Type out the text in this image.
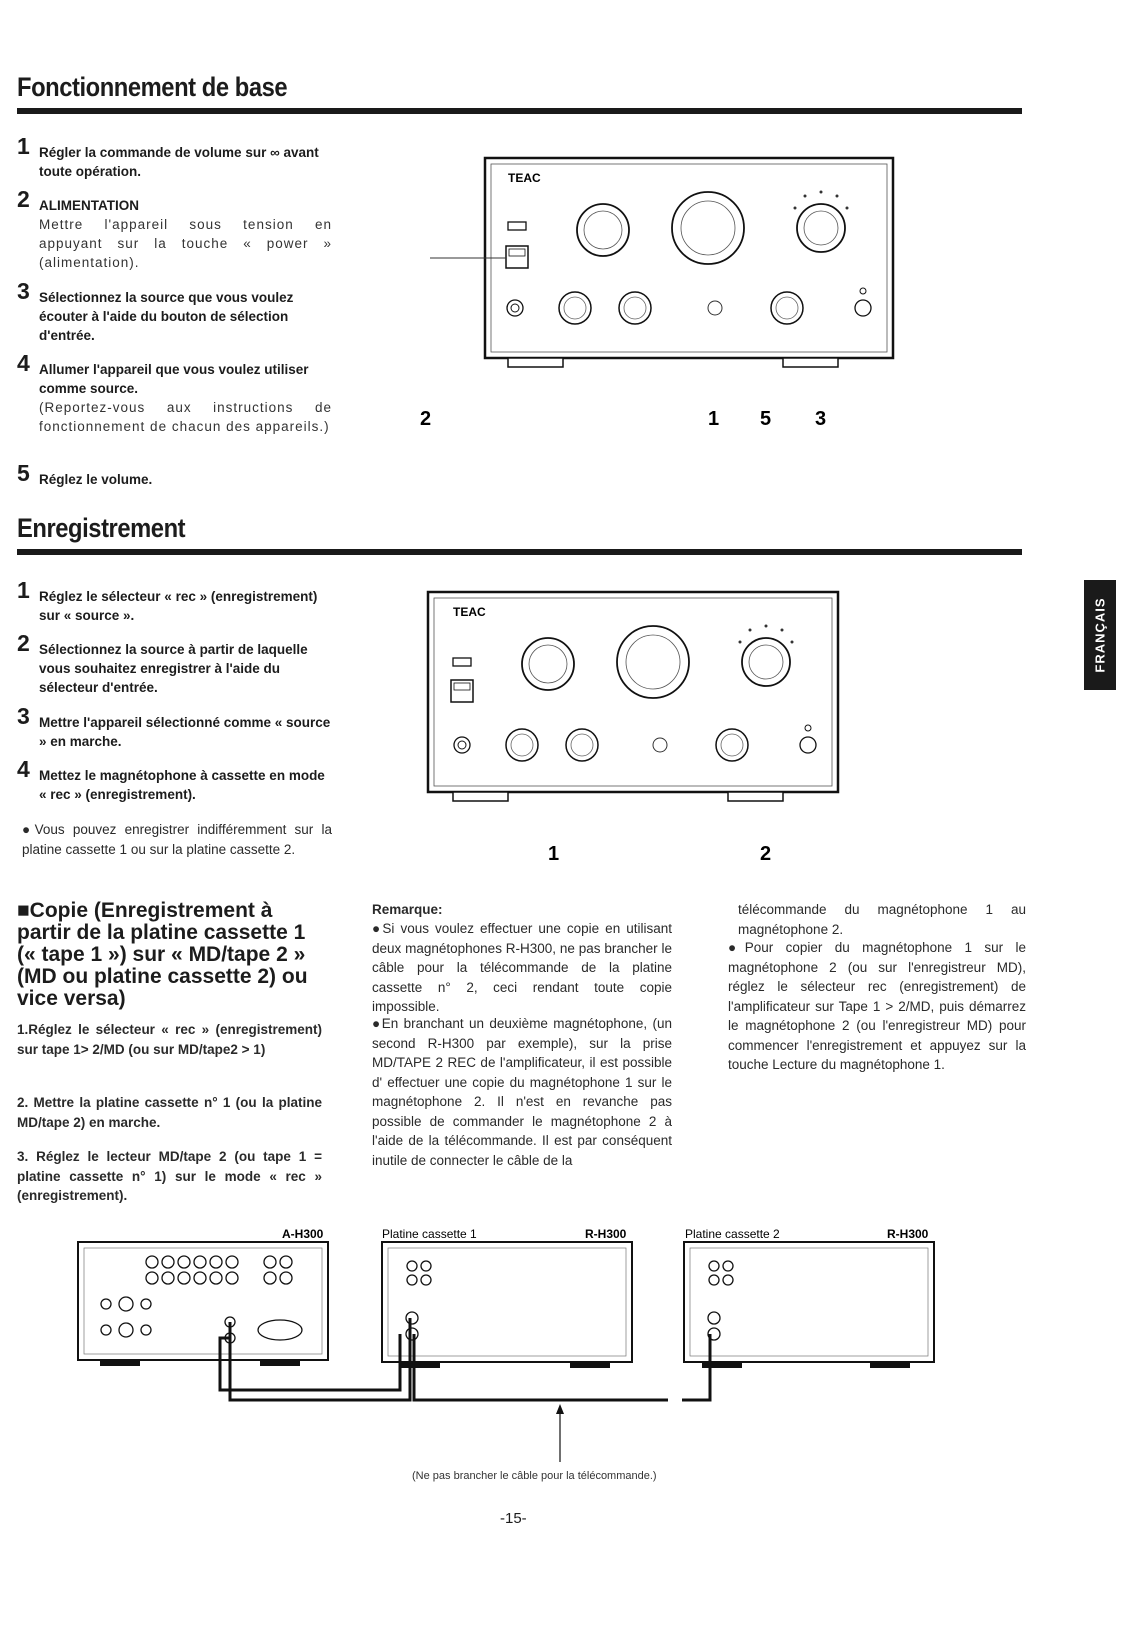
Fonctionnement de base
1 Régler la commande de volume sur ∞ avant toute opération.
2 ALIMENTATION
Mettre l'appareil sous tension en appuyant sur la touche « power » (alimentation).
3 Sélectionnez la source que vous voulez écouter à l'aide du bouton de sélection d'entrée.
4 Allumer l'appareil que vous voulez utiliser comme source.
(Reportez-vous aux instructions de fonctionnement de chacun des appareils.)
5 Réglez le volume.
TEAC
2	1 5 3
Enregistrement
1 Réglez le sélecteur « rec » (enregistrement) sur « source ».
2 Sélectionnez la source à partir de laquelle vous souhaitez enregistrer à l'aide du sélecteur d'entrée.
3 Mettre l'appareil sélectionné comme « source » en marche.
4 Mettez le magnétophone à cassette en mode « rec » (enregistrement).
●Vous pouvez enregistrer indifféremment sur la platine cassette 1 ou sur la platine cassette 2.
TEAC
1	2
FRANÇAIS
■Copie (Enregistrement à partir de la platine cassette 1 (« tape 1 ») sur « MD/tape 2 » (MD ou platine cassette 2) ou vice versa)
1.Réglez le sélecteur « rec » (enregistrement) sur tape 1> 2/MD (ou sur MD/tape2 > 1)
2. Mettre la platine cassette n° 1 (ou la platine MD/tape 2) en marche.
3. Réglez le lecteur MD/tape 2 (ou tape 1 = platine cassette n° 1) sur le mode « rec » (enregistrement).
Remarque:
●Si vous voulez effectuer une copie en utilisant deux magnétophones R-H300, ne pas brancher le câble pour la télécommande de la platine cassette n° 2, ceci rendant toute copie impossible.
●En branchant un deuxième magnétophone, (un second R-H300 par exemple), sur la prise MD/TAPE 2 REC de l'amplificateur, il est possible d' effectuer une copie du magnétophone 1 sur le magnétophone 2. Il n'est en revanche pas possible de commander le magnétophone 2 à l'aide de la télécommande. Il est par conséquent inutile de connecter le câble de la
télécommande du magnétophone 1 au magnétophone 2.
●Pour copier du magnétophone 1 sur le magnétophone 2 (ou sur l'enregistreur MD), réglez le sélecteur rec (enregistrement) de l'amplificateur sur Tape 1 > 2/MD, puis démarrez le magnétophone 2 (ou l'enregistreur MD) pour commencer l'enregistrement et appuyez sur la touche Lecture du magnétophone 1.
A-H300	Platine cassette 1	R-H300	Platine cassette 2	R-H300
(Ne pas brancher le câble pour la télécommande.)
-15-
